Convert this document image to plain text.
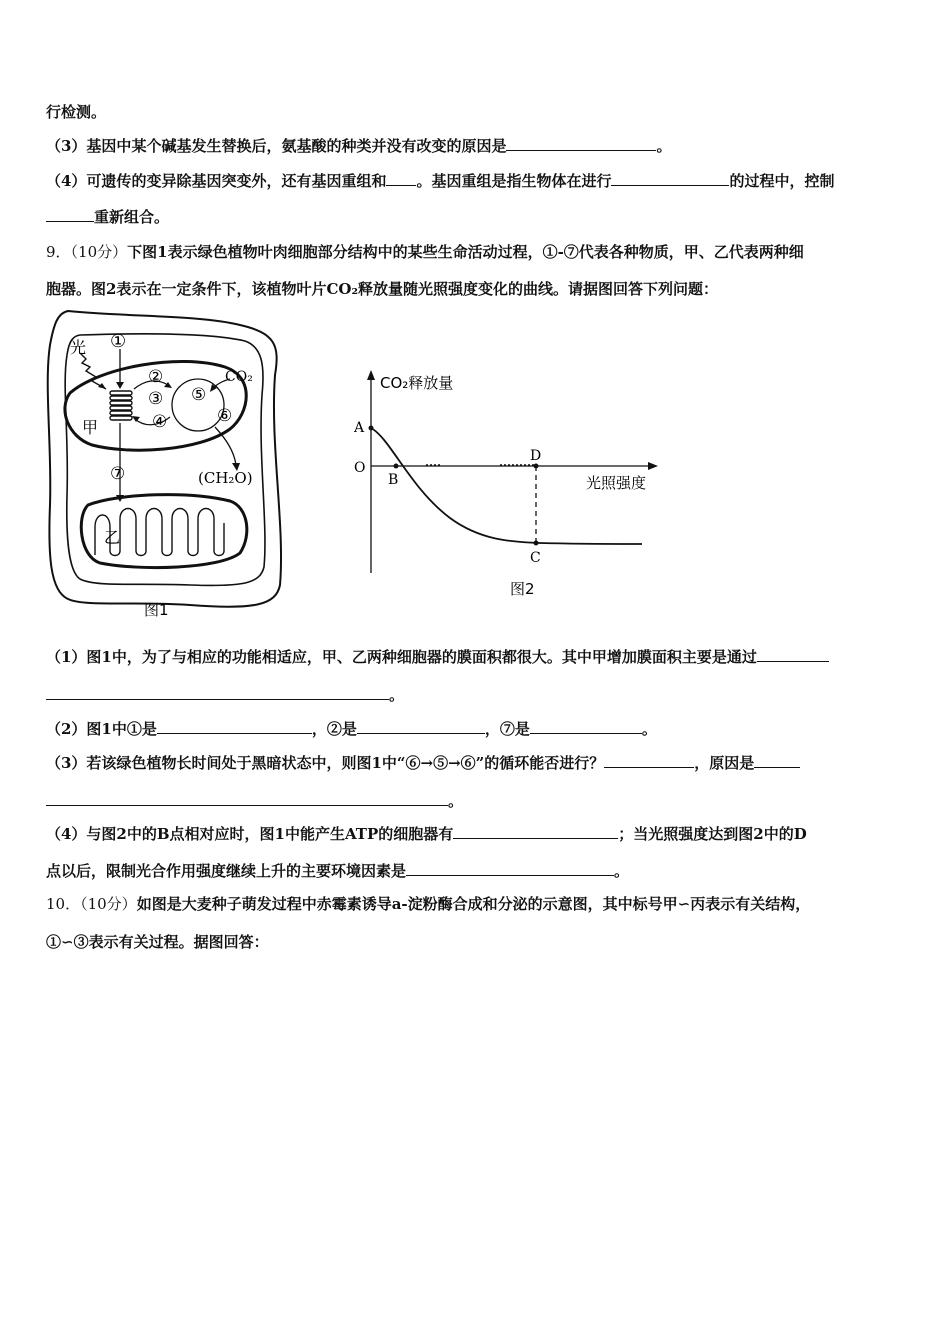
行检测。
（3）基因中某个碱基发生替换后，氨基酸的种类并没有改变的原因是	。
（4）可遗传的变异除基因突变外，还有基因重组和 。基因重组是指生物体在进行	的过程中，控制
重新组合。
9．（10分）下图1表示绿色植物叶肉细胞部分结构中的某些生命活动过程，①-⑦代表各种物质，甲、乙代表两种细
胞器。图2表示在一定条件下，该植物叶片CO₂释放量随光照强度变化的曲线。请据图回答下列问题：
光 ①
②
③
④
⑤
⑥
⑦
CO₂
甲
(CH₂O)
乙
图1
CO₂释放量
光照强度
A
O
B
D
C
图2
（1）图1中，为了与相应的功能相适应，甲、乙两种细胞器的膜面积都很大。其中甲增加膜面积主要是通过
。
（2）图1中①是	，②是	，⑦是	。
（3）若该绿色植物长时间处于黑暗状态中，则图1中“⑥→⑤→⑥”的循环能否进行？	，原因是
。
（4）与图2中的B点相对应时，图1中能产生ATP的细胞器有	；当光照强度达到图2中的D
点以后，限制光合作用强度继续上升的主要环境因素是	。
10．（10分）如图是大麦种子萌发过程中赤霉素诱导a-淀粉酶合成和分泌的示意图，其中标号甲∽丙表示有关结构，
①∽③表示有关过程。据图回答：
